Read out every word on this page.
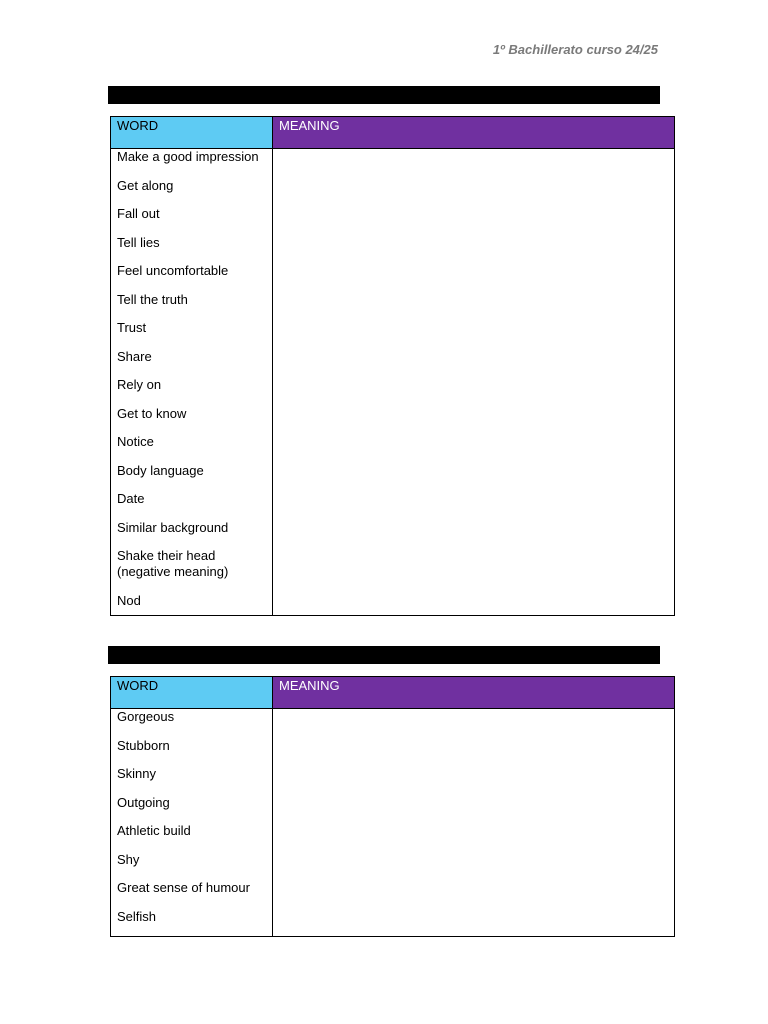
1º Bachillerato curso 24/25
WORD	MEANING
Make a good impression
Get along
Fall out
Tell lies
Feel uncomfortable
Tell the truth
Trust
Share
Rely on
Get to know
Notice
Body language
Date
Similar background
Shake their head
(negative meaning)
Nod
WORD	MEANING
Gorgeous
Stubborn
Skinny
Outgoing
Athletic build
Shy
Great sense of humour
Selfish
